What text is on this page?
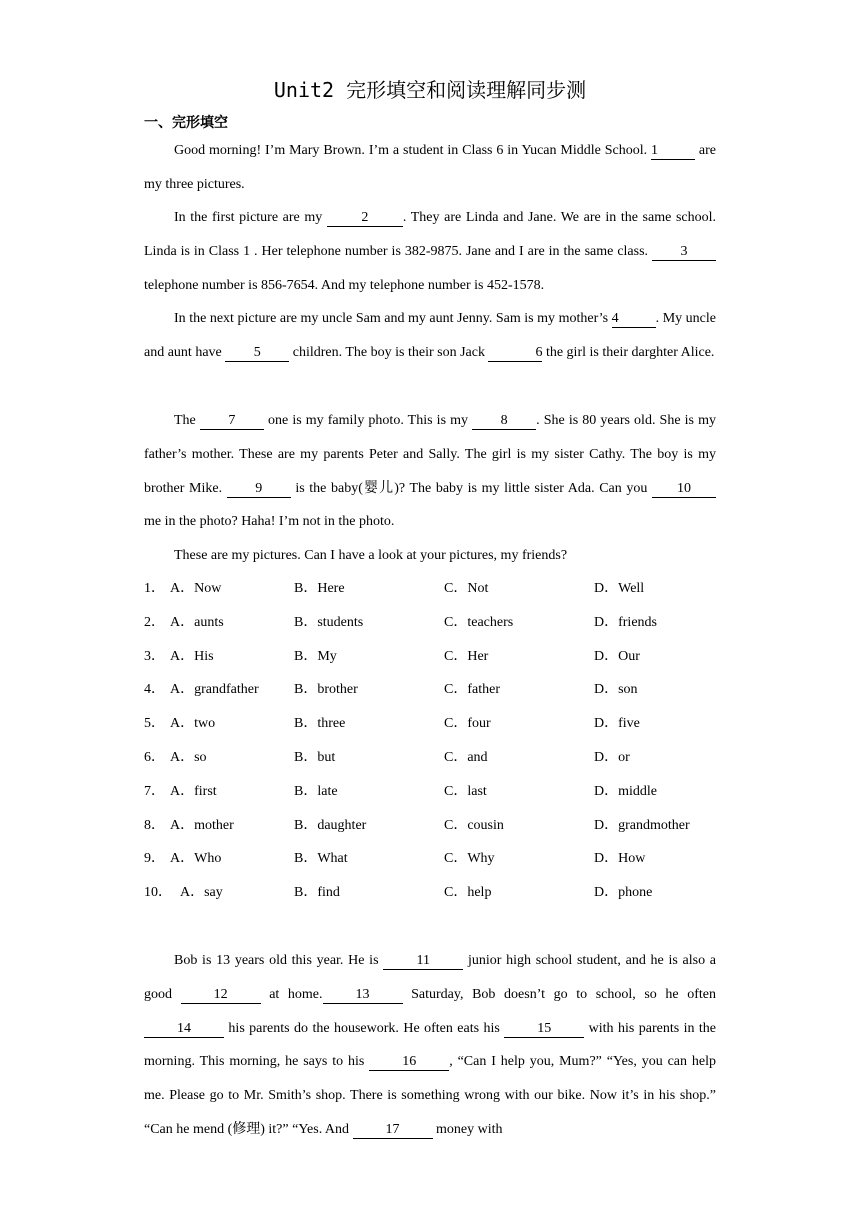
Unit2 完形填空和阅读理解同步测
一、完形填空

Good morning! I’m Mary Brown. I’m a student in Class 6 in Yucan Middle School. 1	are my three pictures.

In the first picture are my 2 . They are Linda and Jane. We are in the same school. Linda is in Class 1 . Her telephone number is 382-9875. Jane and I are in the same class. 3 telephone number is 856-7654. And my telephone number is 452-1578.

In the next picture are my uncle Sam and my aunt Jenny. Sam is my mother’s 4	. My uncle and aunt have 5 children. The boy is their son Jack	6 the girl is their darghter Alice.

The 7 one is my family photo. This is my 8 . She is 80 years old. She is my father’s mother. These are my parents Peter and Sally. The girl is my sister Cathy. The boy is my brother Mike. 9 is the baby(婴儿)? The baby is my little sister Ada. Can you 10 me in the photo? Haha! I’m not in the photo.

These are my pictures. Can I have a look at your pictures, my friends?

1． A．Now	B．Here	C．Not	D．Well
2． A．aunts	B．students	C．teachers	D．friends
3． A．His	B．My	C．Her	D．Our
4． A．grandfather	B．brother	C．father	D．son
5． A．two	B．three	C．four	D．five
6． A．so	B．but	C．and	D．or
7． A．first	B．late	C．last	D．middle
8． A．mother	B．daughter	C．cousin	D．grandmother
9． A．Who	B．What	C．Why	D．How
10． A．say	B．find	C．help	D．phone

Bob is 13 years old this year. He is 11 junior high school student, and he is also a good 12 at home. 13 Saturday, Bob doesn’t go to school, so he often 14 his parents do the housework. He often eats his 15 with his parents in the morning. This morning, he says to his 16 , “Can I help you, Mum?” “Yes, you can help me. Please go to Mr. Smith’s shop. There is something wrong with our bike. Now it’s in his shop.” “Can he mend (修理) it?” “Yes. And 17 money with
